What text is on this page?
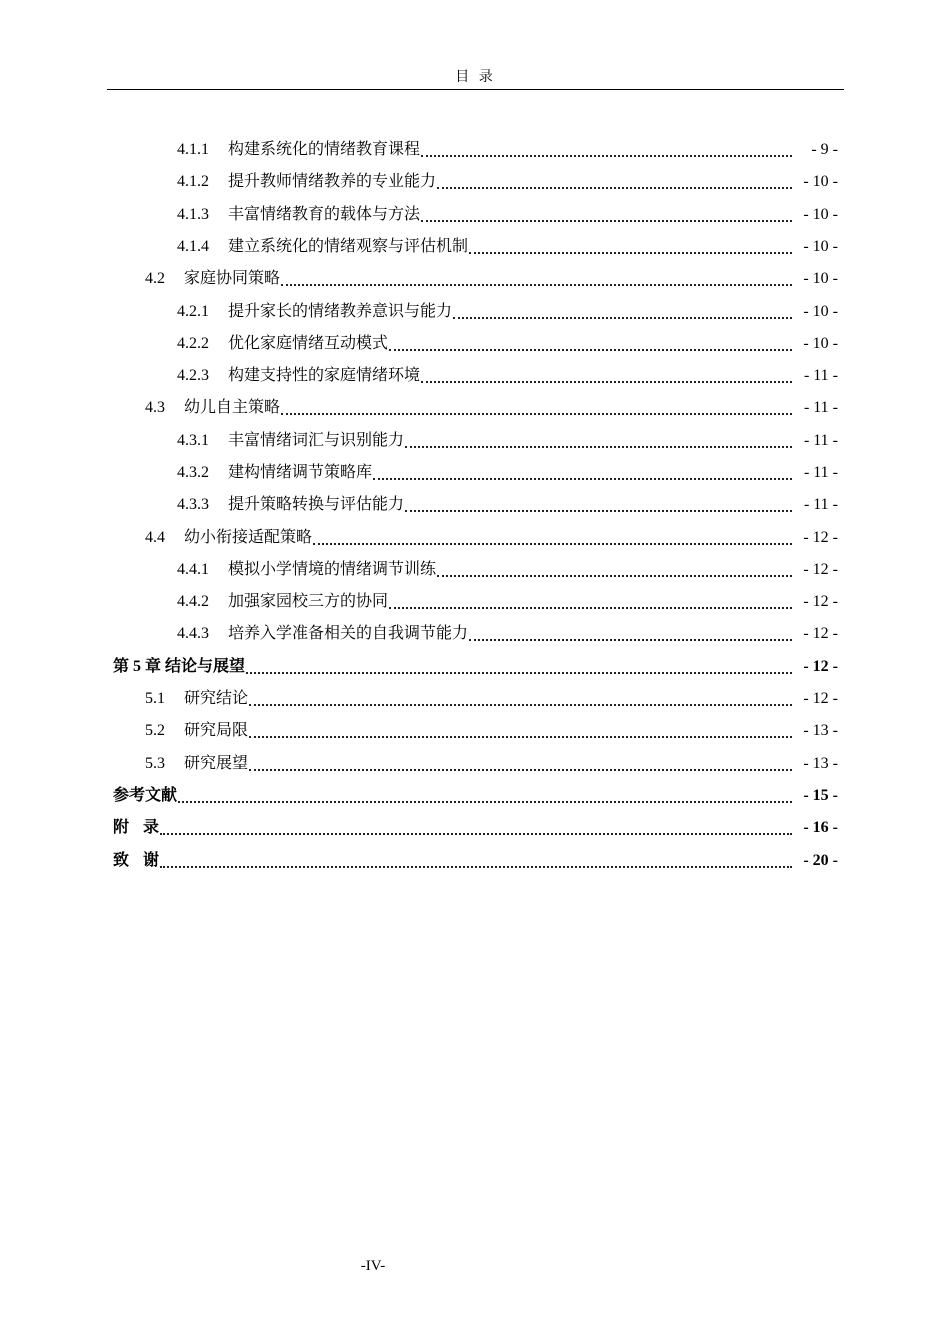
目 录
4.1.1	构建系统化的情绪教育课程	- 9 -
4.1.2	提升教师情绪教养的专业能力	- 10 -
4.1.3	丰富情绪教育的载体与方法	- 10 -
4.1.4	建立系统化的情绪观察与评估机制	- 10 -
4.2	家庭协同策略	- 10 -
4.2.1	提升家长的情绪教养意识与能力	- 10 -
4.2.2	优化家庭情绪互动模式	- 10 -
4.2.3	构建支持性的家庭情绪环境	- 11 -
4.3	幼儿自主策略	- 11 -
4.3.1	丰富情绪词汇与识别能力	- 11 -
4.3.2	建构情绪调节策略库	- 11 -
4.3.3	提升策略转换与评估能力	- 11 -
4.4	幼小衔接适配策略	- 12 -
4.4.1	模拟小学情境的情绪调节训练	- 12 -
4.4.2	加强家园校三方的协同	- 12 -
4.4.3	培养入学准备相关的自我调节能力	- 12 -
第 5 章 结论与展望	- 12 -
5.1	研究结论	- 12 -
5.2	研究局限	- 13 -
5.3	研究展望	- 13 -
参考文献	- 15 -
附 录	- 16 -
致 谢	- 20 -
-IV-
